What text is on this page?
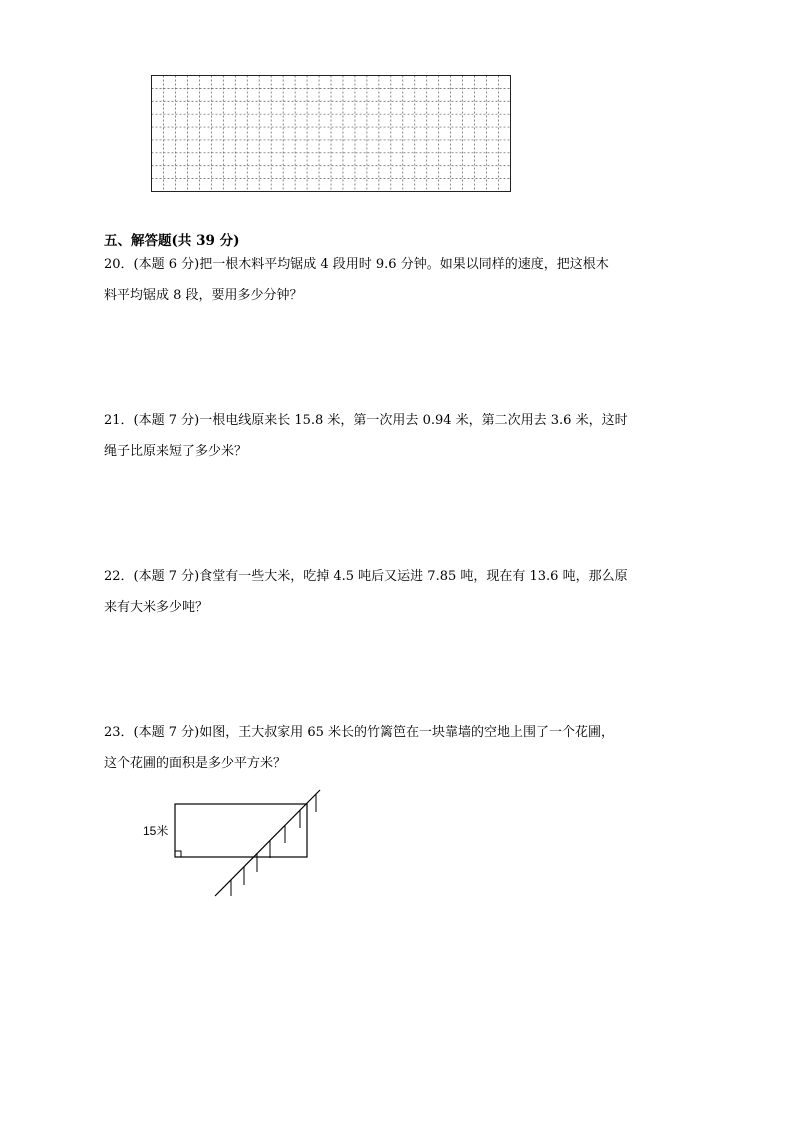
五、解答题(共 39 分)
20．(本题 6 分)把一根木料平均锯成 4 段用时 9.6 分钟。如果以同样的速度，把这根木
料平均锯成 8 段，要用多少分钟？
21．(本题 7 分)一根电线原来长 15.8 米，第一次用去 0.94 米，第二次用去 3.6 米，这时
绳子比原来短了多少米？
22．(本题 7 分)食堂有一些大米，吃掉 4.5 吨后又运进 7.85 吨，现在有 13.6 吨，那么原
来有大米多少吨？
23．(本题 7 分)如图，王大叔家用 65 米长的竹篱笆在一块靠墙的空地上围了一个花圃，
这个花圃的面积是多少平方米？
15米
